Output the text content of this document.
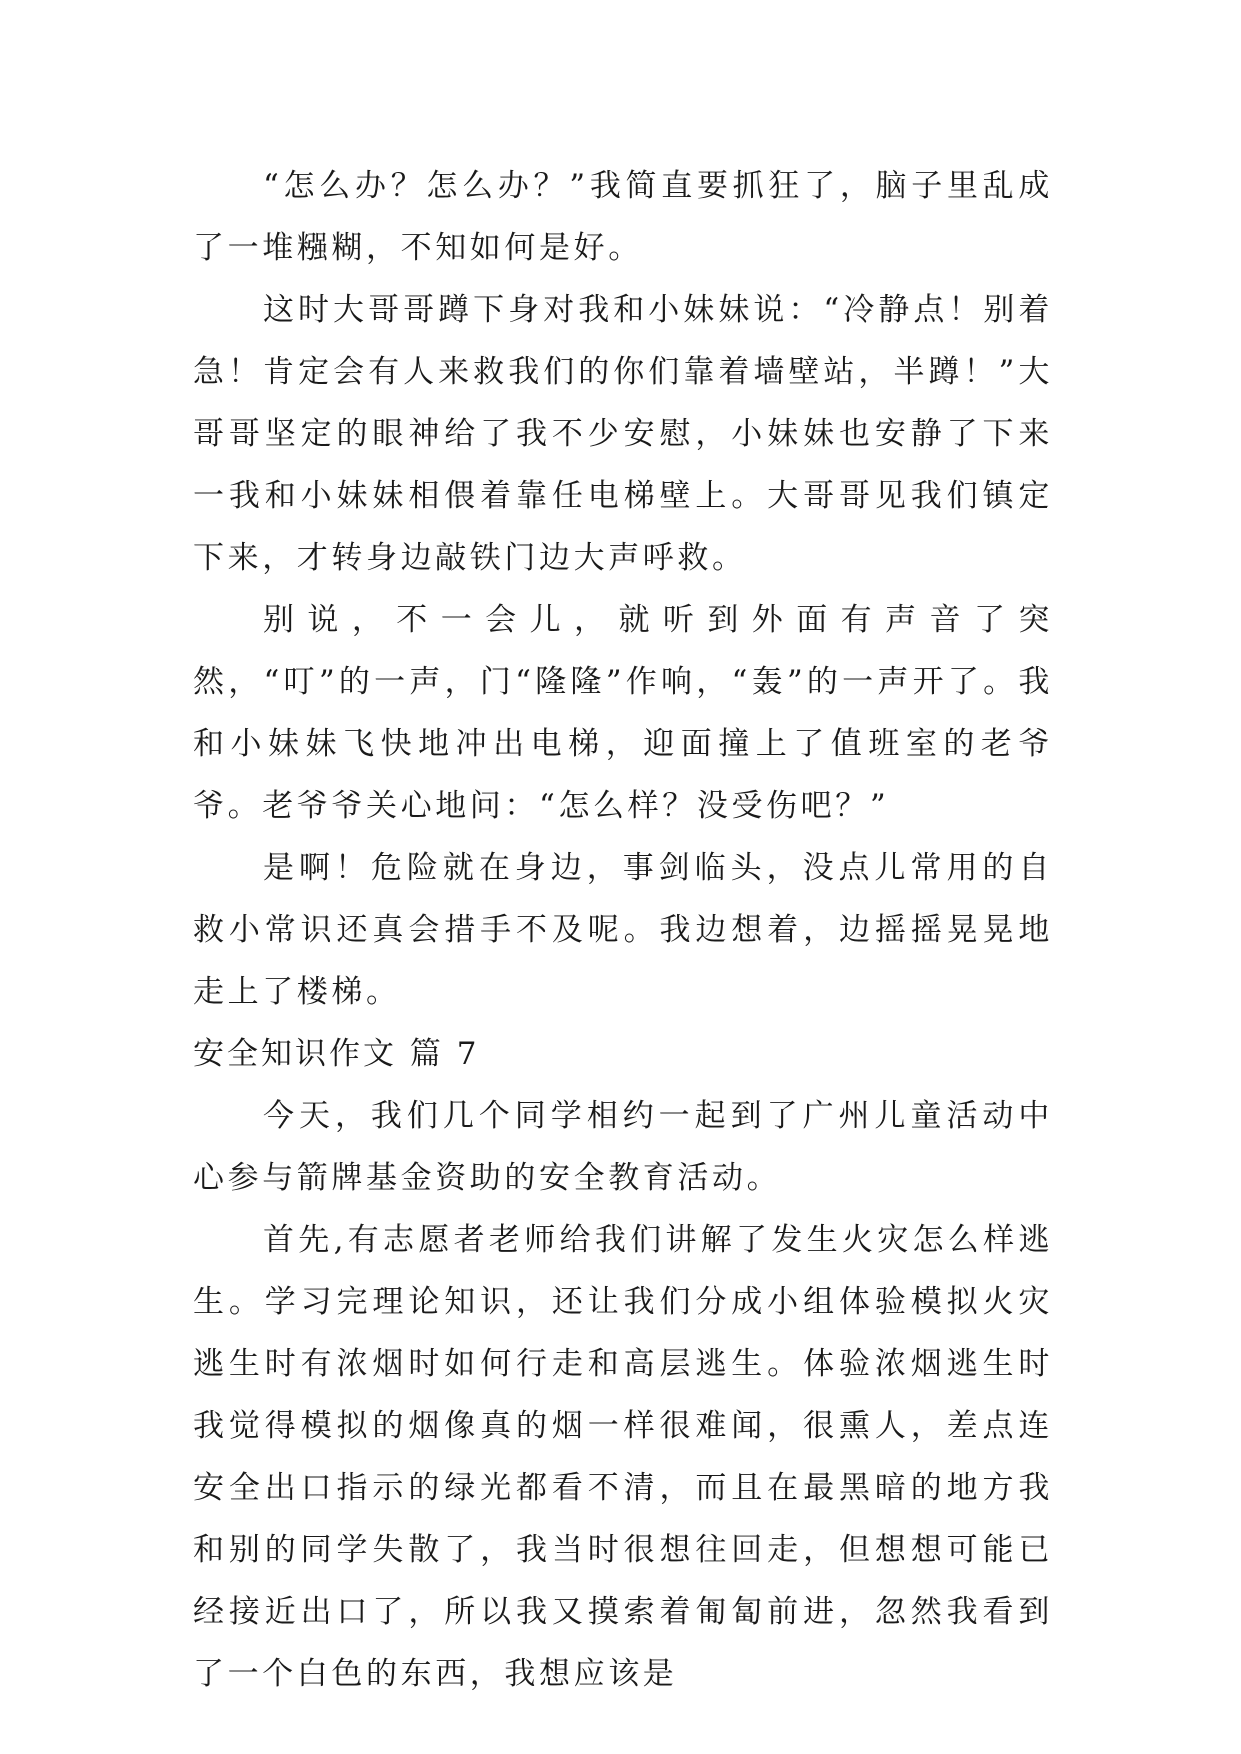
“怎么办？怎么办？”我简直要抓狂了，脑子里乱成了一堆糨糊，不知如何是好。

这时大哥哥蹲下身对我和小妹妹说：“冷静点！别着急！肯定会有人来救我们的你们靠着墙壁站，半蹲！”大哥哥坚定的眼神给了我不少安慰，小妹妹也安静了下来一我和小妹妹相偎着靠任电梯壁上。大哥哥见我们镇定下来，才转身边敲铁门边大声呼救。

别说，不一会儿，就听到外面有声音了突然，“叮”的一声，门“隆隆”作响，“轰”的一声开了。我和小妹妹飞快地冲出电梯，迎面撞上了值班室的老爷爷。老爷爷关心地问：“怎么样？没受伤吧？”

是啊！危险就在身边，事剑临头，没点儿常用的自救小常识还真会措手不及呢。我边想着，边摇摇晃晃地走上了楼梯。

安全知识作文 篇 7

今天，我们几个同学相约一起到了广州儿童活动中心参与箭牌基金资助的安全教育活动。

首先,有志愿者老师给我们讲解了发生火灾怎么样逃生。学习完理论知识，还让我们分成小组体验模拟火灾逃生时有浓烟时如何行走和高层逃生。体验浓烟逃生时我觉得模拟的烟像真的烟一样很难闻，很熏人，差点连安全出口指示的绿光都看不清，而且在最黑暗的地方我和别的同学失散了，我当时很想往回走，但想想可能已经接近出口了，所以我又摸索着匍匐前进，忽然我看到了一个白色的东西，我想应该是
